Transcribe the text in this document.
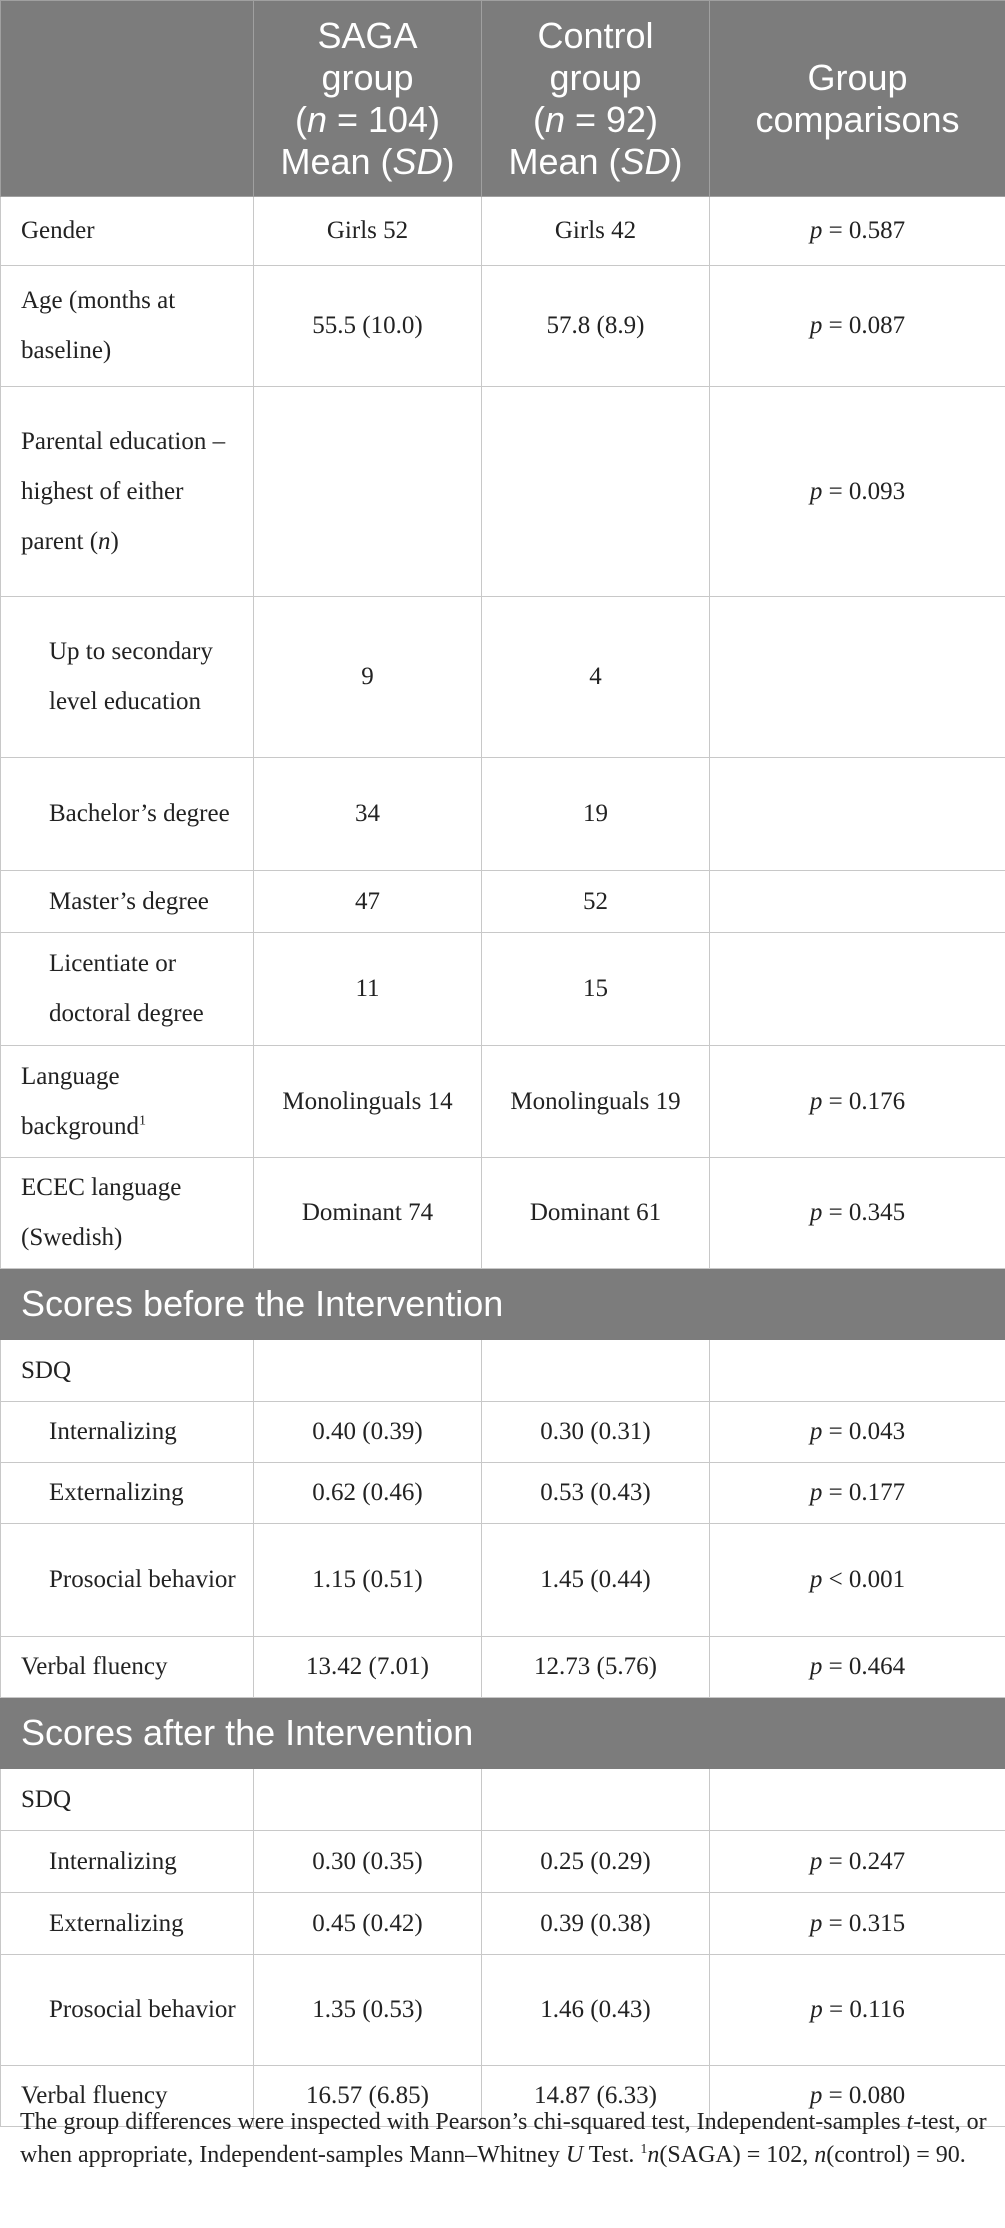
	SAGA
group
(n = 104)
Mean (SD)	Control
group
(n = 92)
Mean (SD)	Group
comparisons

Gender	Girls 52	Girls 42	p = 0.587
Age (months at baseline)	55.5 (10.0)	57.8 (8.9)	p = 0.087
Parental education – highest of either parent (n)			p = 0.093
Up to secondary level education	9	4	
Bachelor’s degree	34	19	
Master’s degree	47	52	
Licentiate or doctoral degree	11	15	
Language background$^1$	Monolinguals 14	Monolinguals 19	p = 0.176
ECEC language (Swedish)	Dominant 74	Dominant 61	p = 0.345
Scores before the Intervention			
SDQ			
Internalizing	0.40 (0.39)	0.30 (0.31)	p = 0.043
Externalizing	0.62 (0.46)	0.53 (0.43)	p = 0.177
Prosocial behavior	1.15 (0.51)	1.45 (0.44)	p < 0.001
Verbal fluency	13.42 (7.01)	12.73 (5.76)	p = 0.464
Scores after the Intervention			
SDQ			
Internalizing	0.30 (0.35)	0.25 (0.29)	p = 0.247
Externalizing	0.45 (0.42)	0.39 (0.38)	p = 0.315
Prosocial behavior	1.35 (0.53)	1.46 (0.43)	p = 0.116
Verbal fluency	16.57 (6.85)	14.87 (6.33)	p = 0.080
The group differences were inspected with Pearson’s chi-squared test, Independent-samples t-test, or when appropriate, Independent-samples Mann–Whitney U Test. $^1$n(SAGA) = 102, n(control) = 90.
